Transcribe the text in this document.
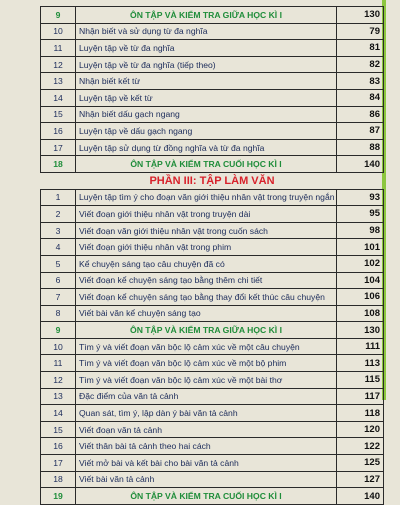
9	ÔN TẬP VÀ KIỂM TRA GIỮA HỌC KÌ I	130
10	Nhận biết và sử dụng từ đa nghĩa	79
11	Luyện tập về từ đa nghĩa	81
12	Luyện tập về từ đa nghĩa (tiếp theo)	82
13	Nhận biết kết từ	83
14	Luyện tập về kết từ	84
15	Nhận biết dấu gạch ngang	86
16	Luyện tập về dấu gạch ngang	87
17	Luyện tập sử dụng từ đồng nghĩa và từ đa nghĩa	88
18	ÔN TẬP VÀ KIỂM TRA CUỐI HỌC KÌ I	140
PHẦN III: TẬP LÀM VĂN		
1	Luyện tập tìm ý cho đoạn văn giới thiệu nhân vật trong truyện ngắn	93
2	Viết đoạn giới thiệu nhân vật trong truyện dài	95
3	Viết đoạn văn giới thiệu nhân vật trong cuốn sách	98
4	Viết đoạn giới thiệu nhân vật trong phim	101
5	Kể chuyện sáng tạo câu chuyện đã có	102
6	Viết đoạn kể chuyện sáng tạo bằng thêm chi tiết	104
7	Viết đoạn kể chuyện sáng tạo bằng thay đổi kết thúc câu chuyện	106
8	Viết bài văn kể chuyện sáng tạo	108
9	ÔN TẬP VÀ KIỂM TRA GIỮA HỌC KÌ I	130
10	Tìm ý và viết đoạn văn bộc lộ cảm xúc về một câu chuyện	111
11	Tìm ý và viết đoạn văn bộc lộ cảm xúc về một bộ phim	113
12	Tìm ý và viết đoạn văn bộc lộ cảm xúc về một bài thơ	115
13	Đặc điểm của văn tả cảnh	117
14	Quan sát, tìm ý, lập dàn ý bài văn tả cảnh	118
15	Viết đoạn văn tả cảnh	120
16	Viết thân bài tả cảnh theo hai cách	122
17	Viết mở bài và kết bài cho bài văn tả cảnh	125
18	Viết bài văn tả cảnh	127
19	ÔN TẬP VÀ KIỂM TRA CUỐI HỌC KÌ I	140
